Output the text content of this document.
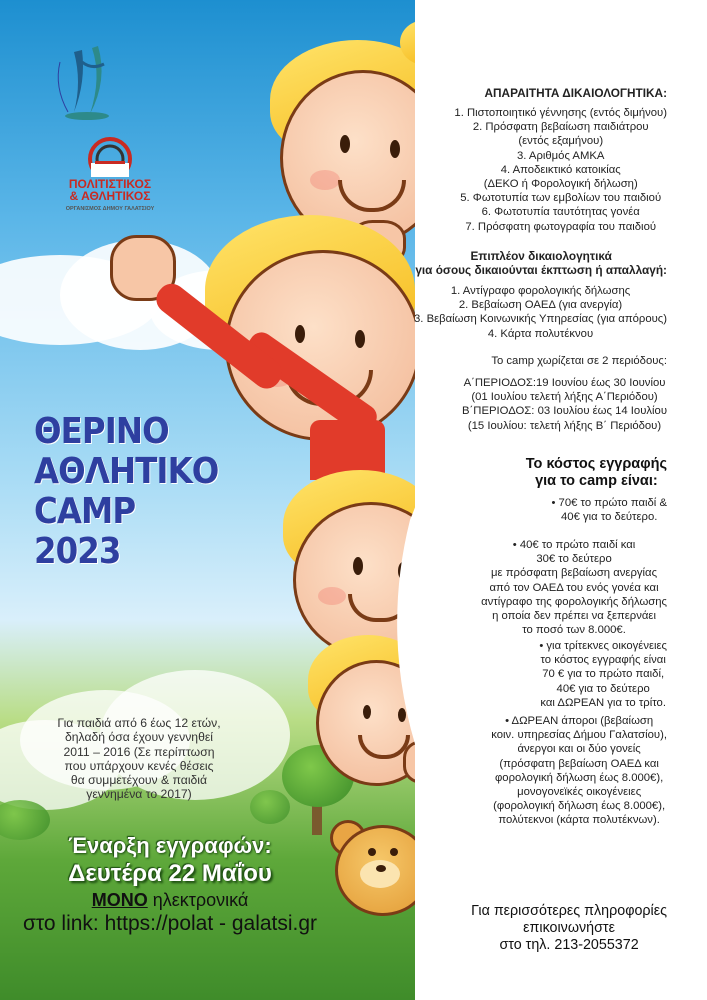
ΠΟΛΙΤΙΣΤΙΚΟΣ
& ΑΘΛΗΤΙΚΟΣ
ΟΡΓΑΝΙΣΜΟΣ ΔΗΜΟΥ ΓΑΛΑΤΣΙΟΥ
ΘΕΡΙΝΟ
ΑΘΛΗΤΙΚΟ
CAMP
2023
Για παιδιά από 6 έως 12 ετών,
δηλαδή όσα έχουν γεννηθεί
2011 – 2016 (Σε περίπτωση
που υπάρχουν κενές θέσεις
θα συμμετέχουν & παιδιά
γεννημένα το 2017)
Έναρξη εγγραφών:
Δευτέρα 22 Μαΐου
ΜΟΝΟ ηλεκτρονικά
στο link: https://polat - galatsi.gr
ΑΠΑΡΑΙΤΗΤΑ ΔΙΚΑΙΟΛΟΓΗΤΙΚΑ:
1. Πιστοποιητικό γέννησης (εντός διμήνου)
2. Πρόσφατη βεβαίωση παιδιάτρου
(εντός εξαμήνου)
3. Αριθμός ΑΜΚΑ
4. Αποδεικτικό κατοικίας
(ΔΕΚΟ ή Φορολογική δήλωση)
5. Φωτοτυπία των εμβολίων του παιδιού
6. Φωτοτυπία ταυτότητας γονέα
7. Πρόσφατη φωτογραφία του παιδιού
Επιπλέον δικαιολογητικά
για όσους δικαιούνται έκπτωση ή απαλλαγή:
1. Αντίγραφο φορολογικής δήλωσης
2. Βεβαίωση ΟΑΕΔ (για ανεργία)
3. Βεβαίωση Κοινωνικής Υπηρεσίας (για απόρους)
4. Κάρτα πολυτέκνου
Το camp χωρίζεται σε 2 περιόδους:
Α΄ΠΕΡΙΟΔΟΣ:19 Ιουνίου έως 30 Ιουνίου
(01 Ιουλίου τελετή λήξης Α΄Περιόδου)
Β΄ΠΕΡΙΟΔΟΣ: 03 Ιουλίου έως 14 Ιουλίου
(15 Ιουλίου: τελετή λήξης Β΄ Περιόδου)
Το κόστος εγγραφής
για το camp είναι:
• 70€ το πρώτο παιδί &
40€ για το δεύτερο.
• 40€ το πρώτο παιδί και
30€ το δεύτερο
με πρόσφατη βεβαίωση ανεργίας
από τον ΟΑΕΔ του ενός γονέα και
αντίγραφο της φορολογικής δήλωσης
η οποία δεν πρέπει να ξεπερνάει
το ποσό των 8.000€.
• για τρίτεκνες οικογένειες
το κόστος εγγραφής είναι
70 € για το πρώτο παιδί,
40€ για το δεύτερο
και ΔΩΡΕΑΝ για το τρίτο.
• ΔΩΡΕΑΝ άποροι (βεβαίωση
κοιν. υπηρεσίας Δήμου Γαλατσίου),
άνεργοι και οι δύο γονείς
(πρόσφατη βεβαίωση ΟΑΕΔ και
φορολογική δήλωση έως 8.000€),
μονογονεϊκές οικογένειες
(φορολογική δήλωση έως 8.000€),
πολύτεκνοι (κάρτα πολυτέκνων).
Για περισσότερες πληροφορίες
επικοινωνήστε
στο τηλ. 213-2055372
